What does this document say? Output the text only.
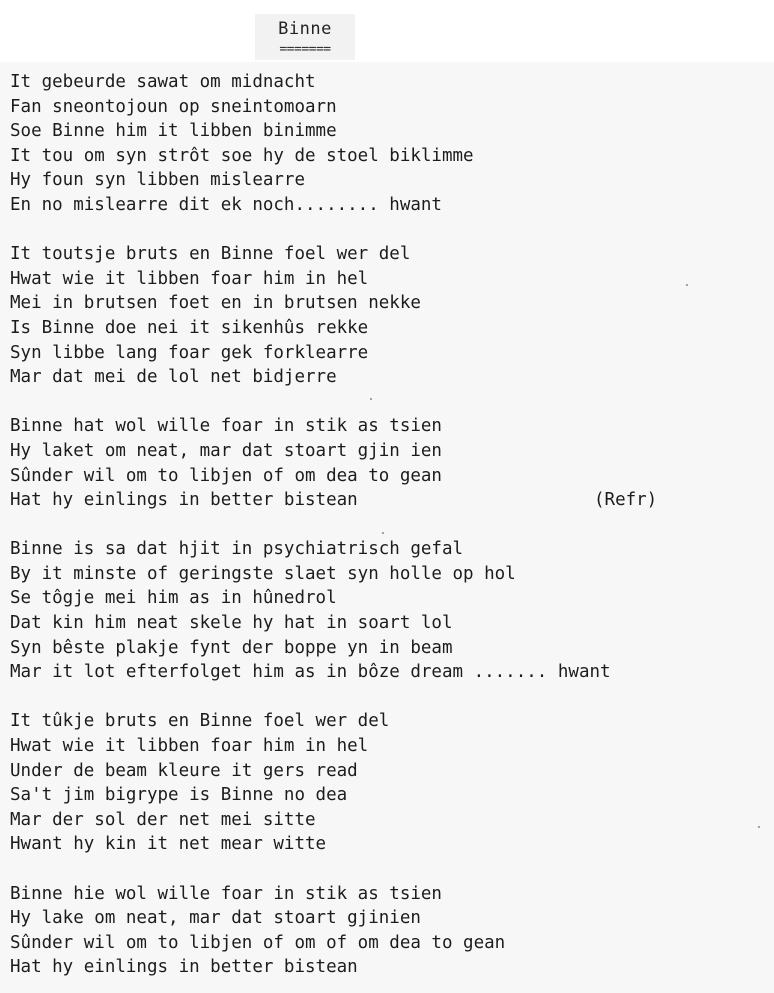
Binne
=======
It gebeurde sawat om midnacht
Fan sneontojoun op sneintomoarn
Soe Binne him it libben binimme
It tou om syn strôt soe hy de stoel biklimme
Hy foun syn libben mislearre
En no mislearre dit ek noch........ hwant
It toutsje bruts en Binne foel wer del
Hwat wie it libben foar him in hel
Mei in brutsen foet en in brutsen nekke
Is Binne doe nei it sikenhûs rekke
Syn libbe lang foar gek forklearre
Mar dat mei de lol net bidjerre
Binne hat wol wille foar in stik as tsien
Hy laket om neat, mar dat stoart gjin ien
Sûnder wil om to libjen of om dea to gean
Hat hy einlings in better bistean	(Refr)
Binne is sa dat hjit in psychiatrisch gefal
By it minste of geringste slaet syn holle op hol
Se tôgje mei him as in hûnedrol
Dat kin him neat skele hy hat in soart lol
Syn bêste plakje fynt der boppe yn in beam
Mar it lot efterfolget him as in bôze dream ....... hwant
It tûkje bruts en Binne foel wer del
Hwat wie it libben foar him in hel
Under de beam kleure it gers read
Sa't jim bigrype is Binne no dea
Mar der sol der net mei sitte
Hwant hy kin it net mear witte
Binne hie wol wille foar in stik as tsien
Hy lake om neat, mar dat stoart gjinien
Sûnder wil om to libjen of om of om dea to gean
Hat hy einlings in better bistean
